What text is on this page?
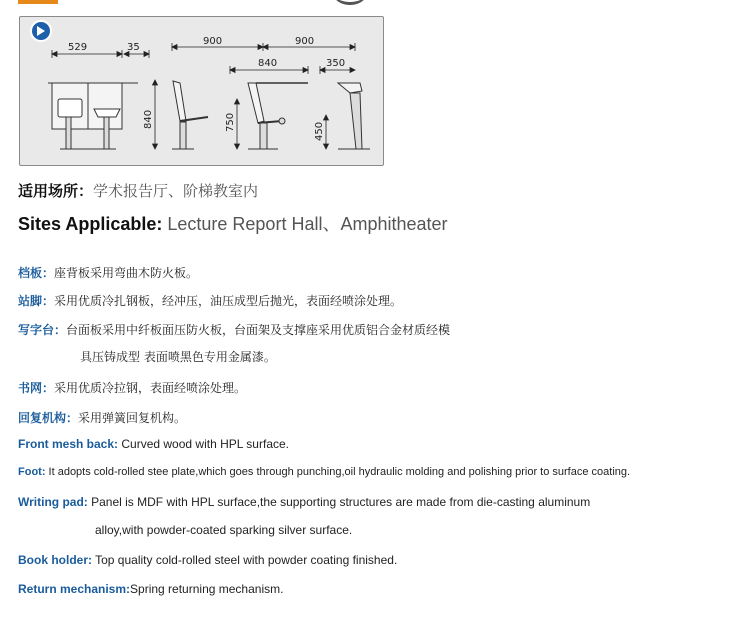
529	35
900	900
840	350
840	750	450
适用场所：学术报告厅、阶梯教室内
Sites Applicable: Lecture Report Hall、Amphitheater
档板：座背板采用弯曲木防火板。
站脚：采用优质冷扎钢板，经冲压，油压成型后抛光，表面经喷涂处理。
写字台：台面板采用中纤板面压防火板，台面架及支撑座采用优质铝合金材质经模
具压铸成型 表面喷黑色专用金属漆。
书网：采用优质冷拉钢，表面经喷涂处理。
回复机构：采用弹簧回复机构。
Front mesh back: Curved wood with HPL surface.
Foot: It adopts cold-rolled stee plate,which goes through punching,oil hydraulic molding and polishing prior to surface coating.
Writing pad: Panel is MDF with HPL surface,the supporting structures are made from die-casting aluminum
alloy,with powder-coated sparking silver surface.
Book holder: Top quality cold-rolled steel with powder coating finished.
Return mechanism:Spring returning mechanism.
